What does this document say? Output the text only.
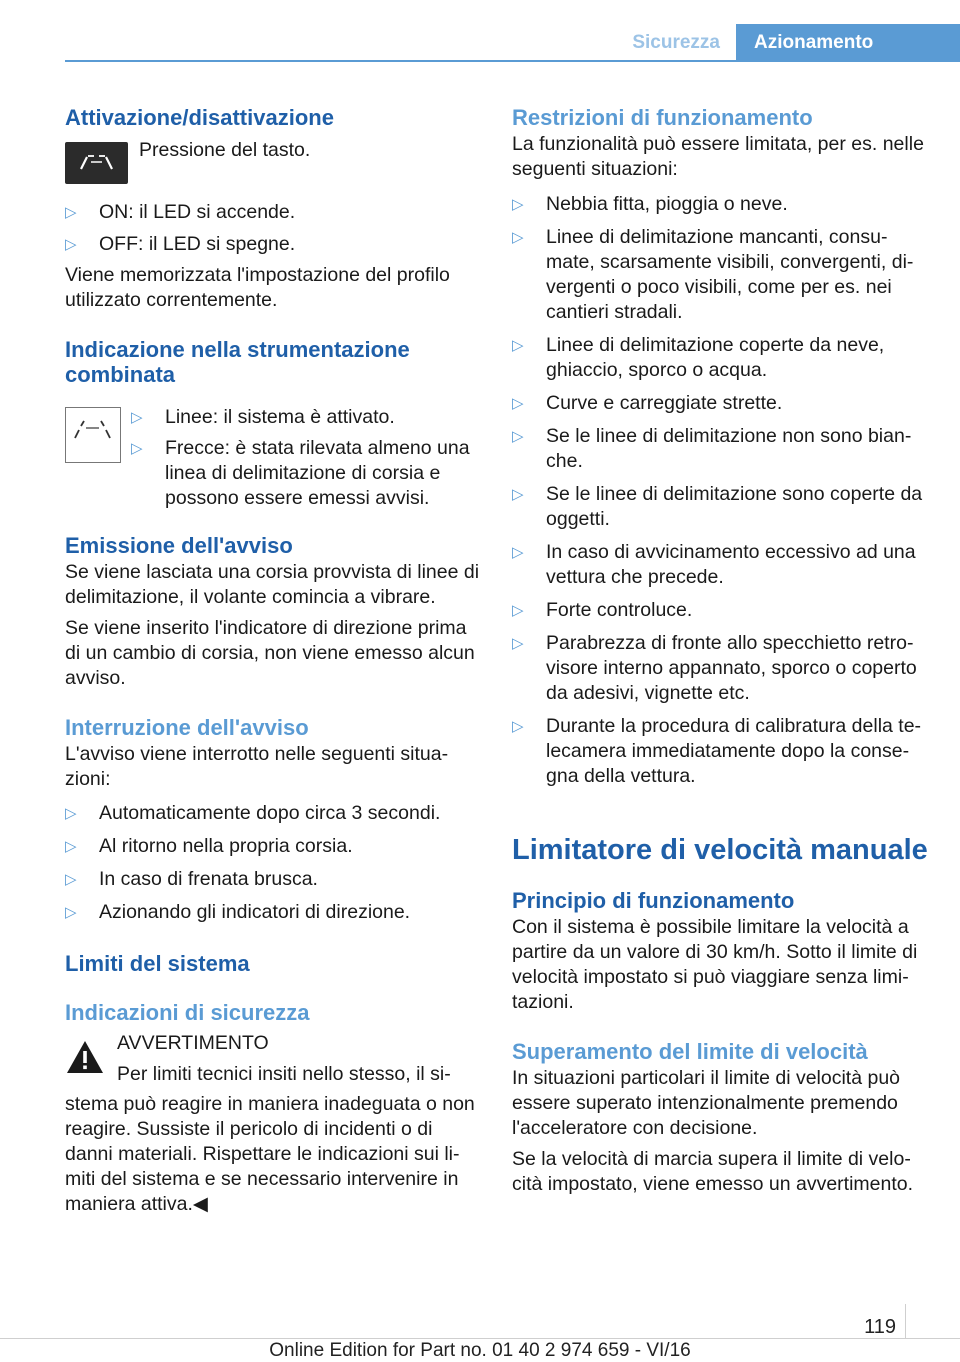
Sicurezza	Azionamento
Attivazione/disattivazione
Pressione del tasto.
▷ ON: il LED si accende.
▷ OFF: il LED si spegne.
Viene memorizzata l'impostazione del profilo utilizzato correntemente.
Indicazione nella strumentazione combinata
▷ Linee: il sistema è attivato.
▷ Frecce: è stata rilevata almeno una linea di delimitazione di corsia e possono essere emessi avvisi.
Emissione dell'avviso
Se viene lasciata una corsia provvista di linee di delimitazione, il volante comincia a vibrare.
Se viene inserito l'indicatore di direzione prima di un cambio di corsia, non viene emesso alcun avviso.
Interruzione dell'avviso
L'avviso viene interrotto nelle seguenti situa-zioni:
▷ Automaticamente dopo circa 3 secondi.
▷ Al ritorno nella propria corsia.
▷ In caso di frenata brusca.
▷ Azionando gli indicatori di direzione.
Limiti del sistema
Indicazioni di sicurezza
AVVERTIMENTO
Per limiti tecnici insiti nello stesso, il si-
stema può reagire in maniera inadeguata o non reagire. Sussiste il pericolo di incidenti o di danni materiali. Rispettare le indicazioni sui li-miti del sistema e se necessario intervenire in maniera attiva.◀
Restrizioni di funzionamento
La funzionalità può essere limitata, per es. nelle seguenti situazioni:
▷ Nebbia fitta, pioggia o neve.
▷ Linee di delimitazione mancanti, consu-mate, scarsamente visibili, convergenti, di-vergenti o poco visibili, come per es. nei cantieri stradali.
▷ Linee di delimitazione coperte da neve, ghiaccio, sporco o acqua.
▷ Curve e carreggiate strette.
▷ Se le linee di delimitazione non sono bian-che.
▷ Se le linee di delimitazione sono coperte da oggetti.
▷ In caso di avvicinamento eccessivo ad una vettura che precede.
▷ Forte controluce.
▷ Parabrezza di fronte allo specchietto retro-visore interno appannato, sporco o coperto da adesivi, vignette etc.
▷ Durante la procedura di calibratura della te-lecamera immediatamente dopo la conse-gna della vettura.
Limitatore di velocità manuale
Principio di funzionamento
Con il sistema è possibile limitare la velocità a partire da un valore di 30 km/h. Sotto il limite di velocità impostato si può viaggiare senza limi-tazioni.
Superamento del limite di velocità
In situazioni particolari il limite di velocità può essere superato intenzionalmente premendo l'acceleratore con decisione.
Se la velocità di marcia supera il limite di velo-cità impostato, viene emesso un avvertimento.
119
Online Edition for Part no. 01 40 2 974 659 - VI/16
